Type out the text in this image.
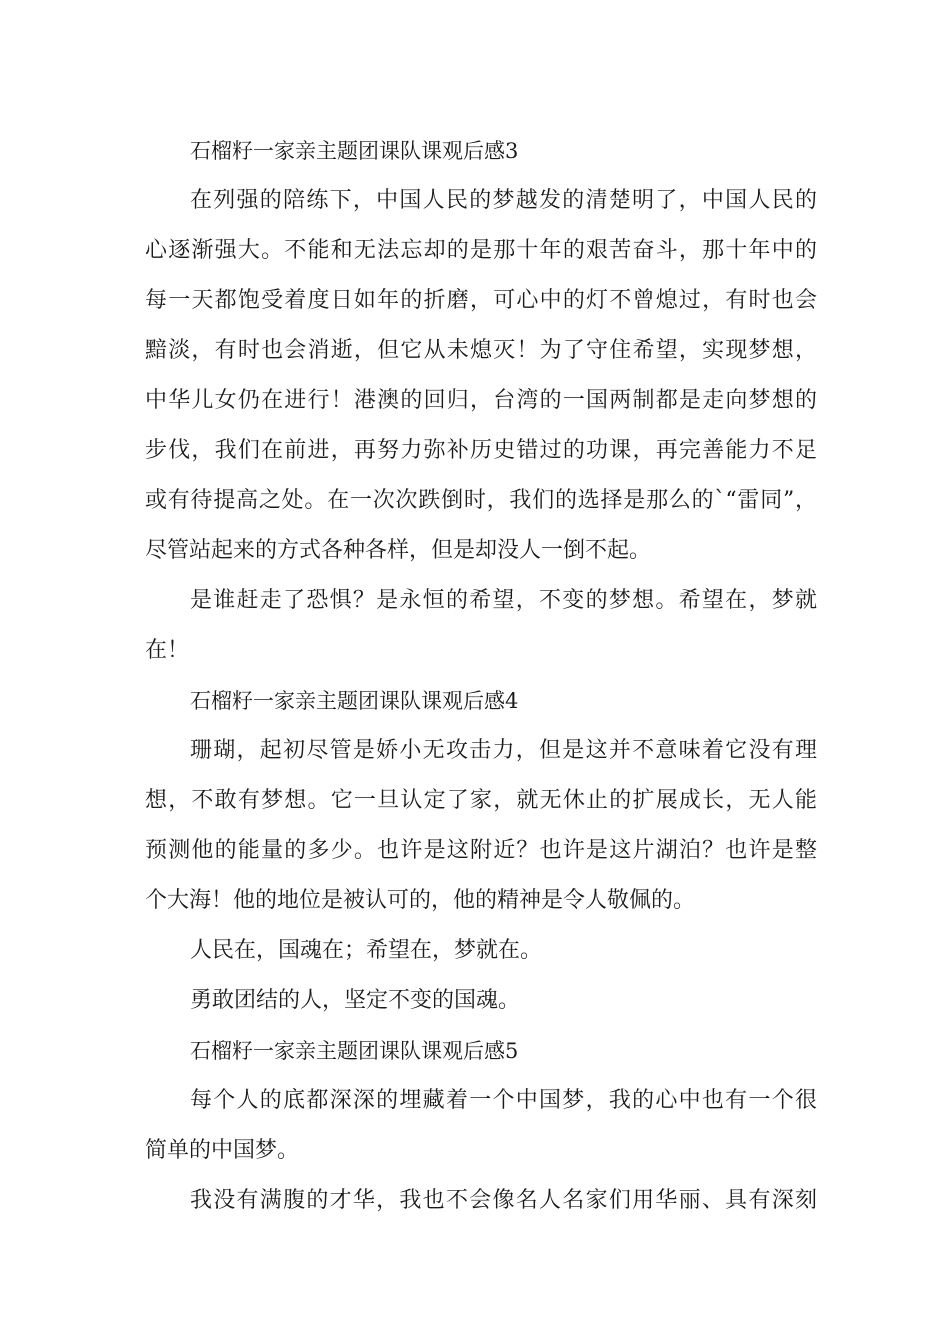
石榴籽一家亲主题团课队课观后感3
在列强的陪练下，中国人民的梦越发的清楚明了，中国人民的
心逐渐强大。不能和无法忘却的是那十年的艰苦奋斗，那十年中的
每一天都饱受着度日如年的折磨，可心中的灯不曾熄过，有时也会
黯淡，有时也会消逝，但它从未熄灭！为了守住希望，实现梦想，
中华儿女仍在进行！港澳的回归，台湾的一国两制都是走向梦想的
步伐，我们在前进，再努力弥补历史错过的功课，再完善能力不足
或有待提高之处。在一次次跌倒时，我们的选择是那么的`“雷同”，
尽管站起来的方式各种各样，但是却没人一倒不起。
是谁赶走了恐惧？是永恒的希望，不变的梦想。希望在，梦就
在！
石榴籽一家亲主题团课队课观后感4
珊瑚，起初尽管是娇小无攻击力，但是这并不意味着它没有理
想，不敢有梦想。它一旦认定了家，就无休止的扩展成长，无人能
预测他的能量的多少。也许是这附近？也许是这片湖泊？也许是整
个大海！他的地位是被认可的，他的精神是令人敬佩的。
人民在，国魂在；希望在，梦就在。
勇敢团结的人，坚定不变的国魂。
石榴籽一家亲主题团课队课观后感5
每个人的底都深深的埋藏着一个中国梦，我的心中也有一个很
简单的中国梦。
我没有满腹的才华，我也不会像名人名家们用华丽、具有深刻
